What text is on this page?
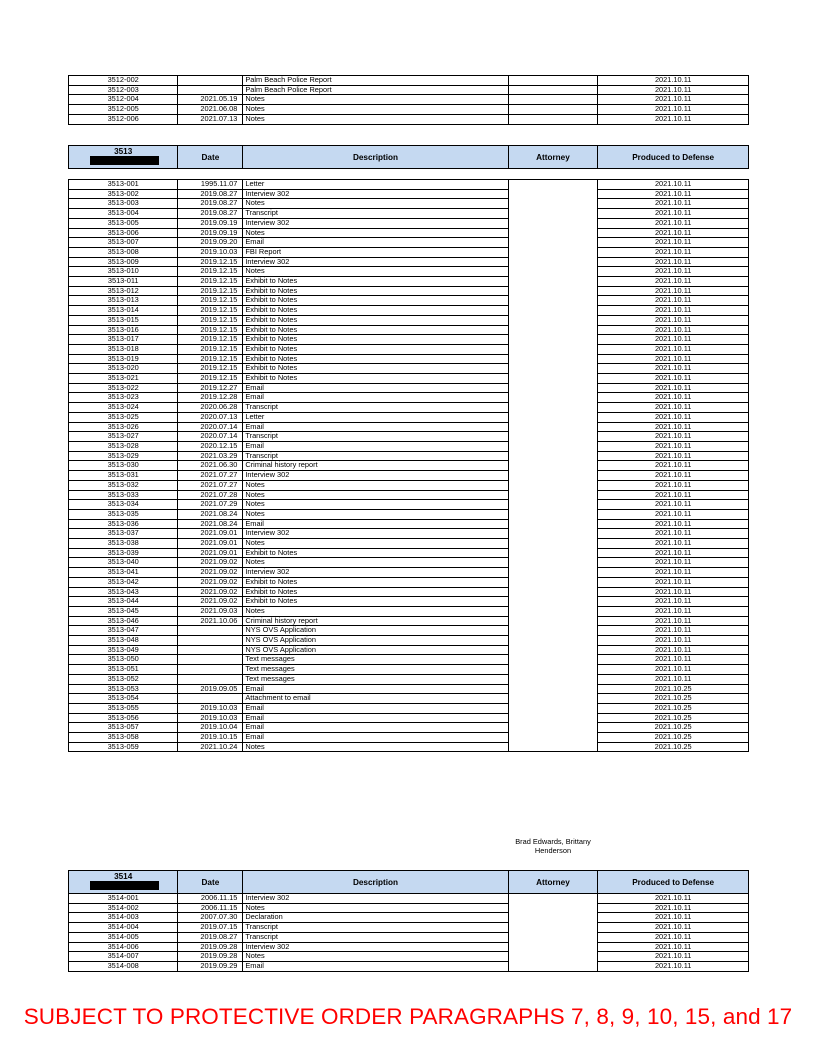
3512-002		Palm Beach Police Report		2021.10.11
3512-003		Palm Beach Police Report		2021.10.11
3512-004	2021.05.19	Notes		2021.10.11
3512-005	2021.06.08	Notes		2021.10.11
3512-006	2021.07.13	Notes		2021.10.11
3513
	Date	Description	Attorney	Produced to Defense
3513-001	1995.11.07	Letter		2021.10.11
3513-002	2019.08.27	Interview 302		2021.10.11
3513-003	2019.08.27	Notes		2021.10.11
3513-004	2019.08.27	Transcript		2021.10.11
3513-005	2019.09.19	Interview 302		2021.10.11
3513-006	2019.09.19	Notes		2021.10.11
3513-007	2019.09.20	Email		2021.10.11
3513-008	2019.10.03	FBI Report		2021.10.11
3513-009	2019.12.15	Interview 302		2021.10.11
3513-010	2019.12.15	Notes		2021.10.11
3513-011	2019.12.15	Exhibit to Notes		2021.10.11
3513-012	2019.12.15	Exhibit to Notes		2021.10.11
3513-013	2019.12.15	Exhibit to Notes		2021.10.11
3513-014	2019.12.15	Exhibit to Notes		2021.10.11
3513-015	2019.12.15	Exhibit to Notes		2021.10.11
3513-016	2019.12.15	Exhibit to Notes		2021.10.11
3513-017	2019.12.15	Exhibit to Notes		2021.10.11
3513-018	2019.12.15	Exhibit to Notes		2021.10.11
3513-019	2019.12.15	Exhibit to Notes		2021.10.11
3513-020	2019.12.15	Exhibit to Notes		2021.10.11
3513-021	2019.12.15	Exhibit to Notes		2021.10.11
3513-022	2019.12.27	Email		2021.10.11
3513-023	2019.12.28	Email		2021.10.11
3513-024	2020.06.28	Transcript		2021.10.11
3513-025	2020.07.13	Letter		2021.10.11
3513-026	2020.07.14	Email		2021.10.11
3513-027	2020.07.14	Transcript		2021.10.11
3513-028	2020.12.15	Email		2021.10.11
3513-029	2021.03.29	Transcript		2021.10.11
3513-030	2021.06.30	Criminal history report		2021.10.11
3513-031	2021.07.27	Interview 302		2021.10.11
3513-032	2021.07.27	Notes		2021.10.11
3513-033	2021.07.28	Notes		2021.10.11
3513-034	2021.07.29	Notes		2021.10.11
3513-035	2021.08.24	Notes		2021.10.11
3513-036	2021.08.24	Email		2021.10.11
3513-037	2021.09.01	Interview 302		2021.10.11
3513-038	2021.09.01	Notes		2021.10.11
3513-039	2021.09.01	Exhibit to Notes		2021.10.11
3513-040	2021.09.02	Notes		2021.10.11
3513-041	2021.09.02	Interview 302		2021.10.11
3513-042	2021.09.02	Exhibit to Notes		2021.10.11
3513-043	2021.09.02	Exhibit to Notes		2021.10.11
3513-044	2021.09.02	Exhibit to Notes		2021.10.11
3513-045	2021.09.03	Notes		2021.10.11
3513-046	2021.10.06	Criminal history report		2021.10.11
3513-047		NYS OVS Application		2021.10.11
3513-048		NYS OVS Application		2021.10.11
3513-049		NYS OVS Application		2021.10.11
3513-050		Text messages		2021.10.11
3513-051		Text messages		2021.10.11
3513-052		Text messages		2021.10.11
3513-053	2019.09.05	Email		2021.10.25
3513-054		Attachment to email		2021.10.25
3513-055	2019.10.03	Email		2021.10.25
3513-056	2019.10.03	Email		2021.10.25
3513-057	2019.10.04	Email		2021.10.25
3513-058	2019.10.15	Email		2021.10.25
3513-059	2021.10.24	Notes		2021.10.25
Brad Edwards, Brittany Henderson
3514
	Date	Description	Attorney	Produced to Defense
3514-001	2006.11.15	Interview 302		2021.10.11
3514-002	2006.11.15	Notes		2021.10.11
3514-003	2007.07.30	Declaration		2021.10.11
3514-004	2019.07.15	Transcript		2021.10.11
3514-005	2019.08.27	Transcript		2021.10.11
3514-006	2019.09.28	Interview 302		2021.10.11
3514-007	2019.09.28	Notes		2021.10.11
3514-008	2019.09.29	Email		2021.10.11
SUBJECT TO PROTECTIVE ORDER PARAGRAPHS 7, 8, 9, 10, 15, and 17
